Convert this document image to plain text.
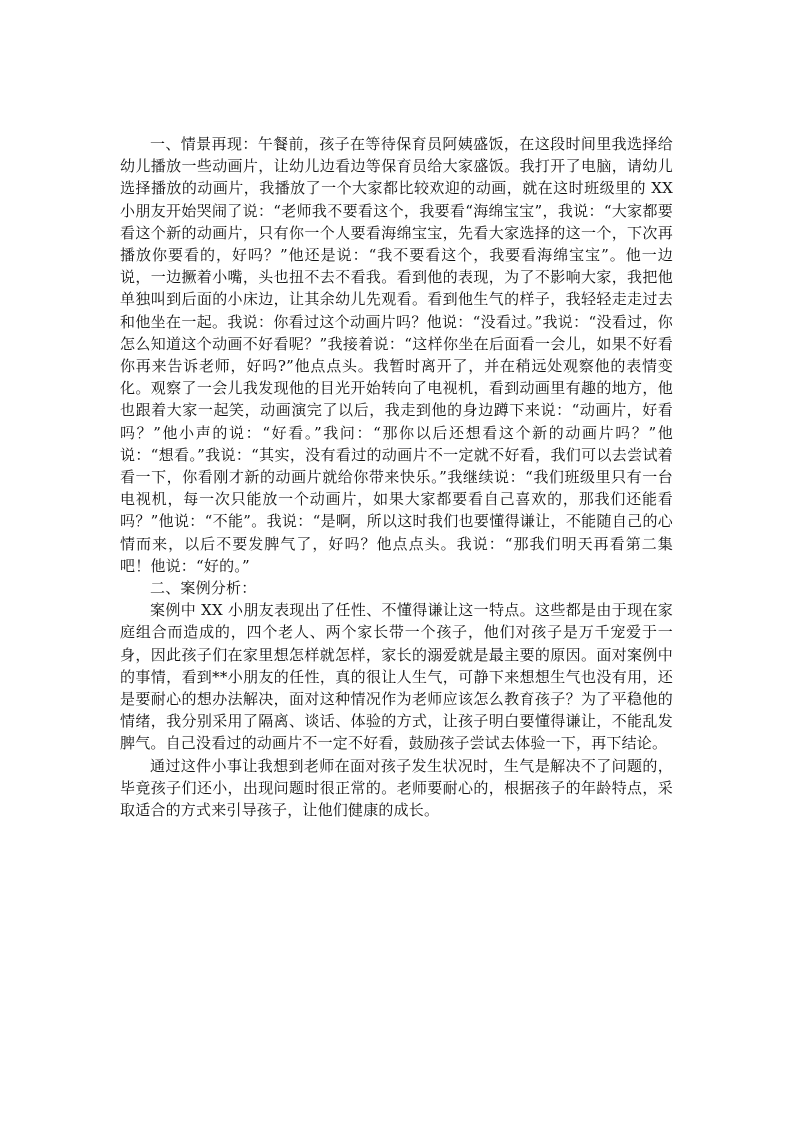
一、情景再现：午餐前，孩子在等待保育员阿姨盛饭，在这段时间里我选择给幼儿播放一些动画片，让幼儿边看边等保育员给大家盛饭。我打开了电脑，请幼儿选择播放的动画片，我播放了一个大家都比较欢迎的动画，就在这时班级里的 XX 小朋友开始哭闹了说：“老师我不要看这个，我要看“海绵宝宝”，我说：“大家都要看这个新的动画片，只有你一个人要看海绵宝宝，先看大家选择的这一个，下次再播放你要看的，好吗？”他还是说：“我不要看这个，我要看海绵宝宝”。他一边说，一边撅着小嘴，头也扭不去不看我。看到他的表现，为了不影响大家，我把他单独叫到后面的小床边，让其余幼儿先观看。看到他生气的样子，我轻轻走走过去和他坐在一起。我说：你看过这个动画片吗？他说：“没看过。”我说：“没看过，你怎么知道这个动画不好看呢？”我接着说：“这样你坐在后面看一会儿，如果不好看你再来告诉老师，好吗?”他点点头。我暂时离开了，并在稍远处观察他的表情变化。观察了一会儿我发现他的目光开始转向了电视机，看到动画里有趣的地方，他也跟着大家一起笑，动画演完了以后，我走到他的身边蹲下来说：“动画片，好看吗？”他小声的说：“好看。”我问：“那你以后还想看这个新的动画片吗？”他说：“想看。”我说：“其实，没有看过的动画片不一定就不好看，我们可以去尝试着看一下，你看刚才新的动画片就给你带来快乐。”我继续说：“我们班级里只有一台电视机，每一次只能放一个动画片，如果大家都要看自己喜欢的，那我们还能看吗？”他说：“不能”。我说：“是啊，所以这时我们也要懂得谦让，不能随自己的心情而来，以后不要发脾气了，好吗？他点点头。我说：“那我们明天再看第二集吧！他说：“好的。”

二、案例分析：

案例中 XX 小朋友表现出了任性、不懂得谦让这一特点。这些都是由于现在家庭组合而造成的，四个老人、两个家长带一个孩子，他们对孩子是万千宠爱于一身，因此孩子们在家里想怎样就怎样，家长的溺爱就是最主要的原因。面对案例中的事情，看到**小朋友的任性，真的很让人生气，可静下来想想生气也没有用，还是要耐心的想办法解决，面对这种情况作为老师应该怎么教育孩子？为了平稳他的情绪，我分别采用了隔离、谈话、体验的方式，让孩子明白要懂得谦让，不能乱发脾气。自己没看过的动画片不一定不好看，鼓励孩子尝试去体验一下，再下结论。

通过这件小事让我想到老师在面对孩子发生状况时，生气是解决不了问题的，毕竟孩子们还小，出现问题时很正常的。老师要耐心的，根据孩子的年龄特点，采取适合的方式来引导孩子，让他们健康的成长。
